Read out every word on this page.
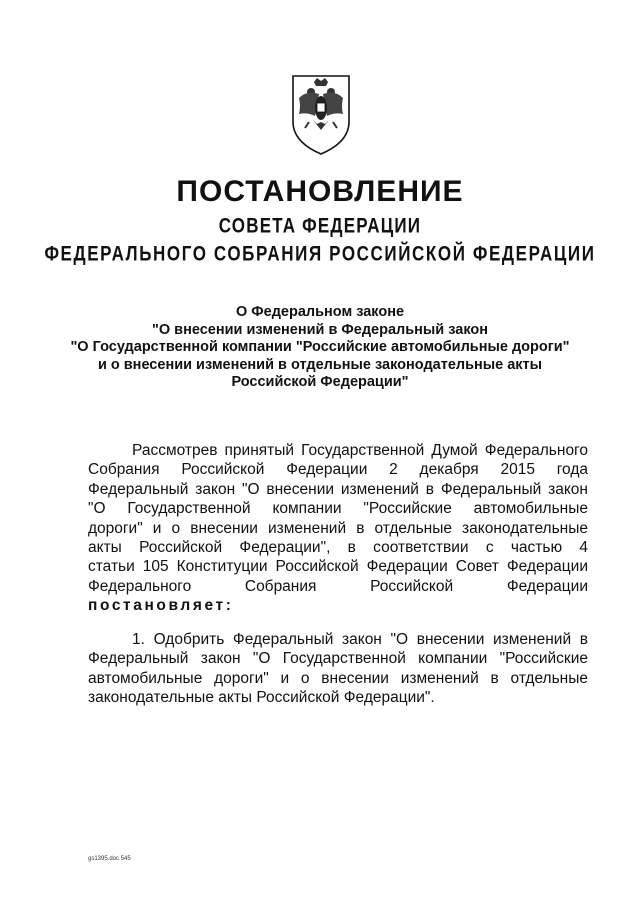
ПОСТАНОВЛЕНИЕ
СОВЕТА ФЕДЕРАЦИИ
ФЕДЕРАЛЬНОГО СОБРАНИЯ РОССИЙСКОЙ ФЕДЕРАЦИИ
О Федеральном законе
"О внесении изменений в Федеральный закон
"О Государственной компании "Российские автомобильные дороги"
и о внесении изменений в отдельные законодательные акты
Российской Федерации"
Рассмотрев принятый Государственной Думой Федерального
Собрания Российской Федерации 2 декабря 2015 года
Федеральный закон "О внесении изменений в Федеральный закон
"О Государственной компании "Российские автомобильные
дороги" и о внесении изменений в отдельные законодательные
акты Российской Федерации", в соответствии с частью 4
статьи 105 Конституции Российской Федерации Совет Федерации
Федерального Собрания Российской Федерации
постановляет:
1. Одобрить Федеральный закон "О внесении изменений в
Федеральный закон "О Государственной компании "Российские
автомобильные дороги" и о внесении изменений в отдельные
законодательные акты Российской Федерации".
gs1395.doc 545
